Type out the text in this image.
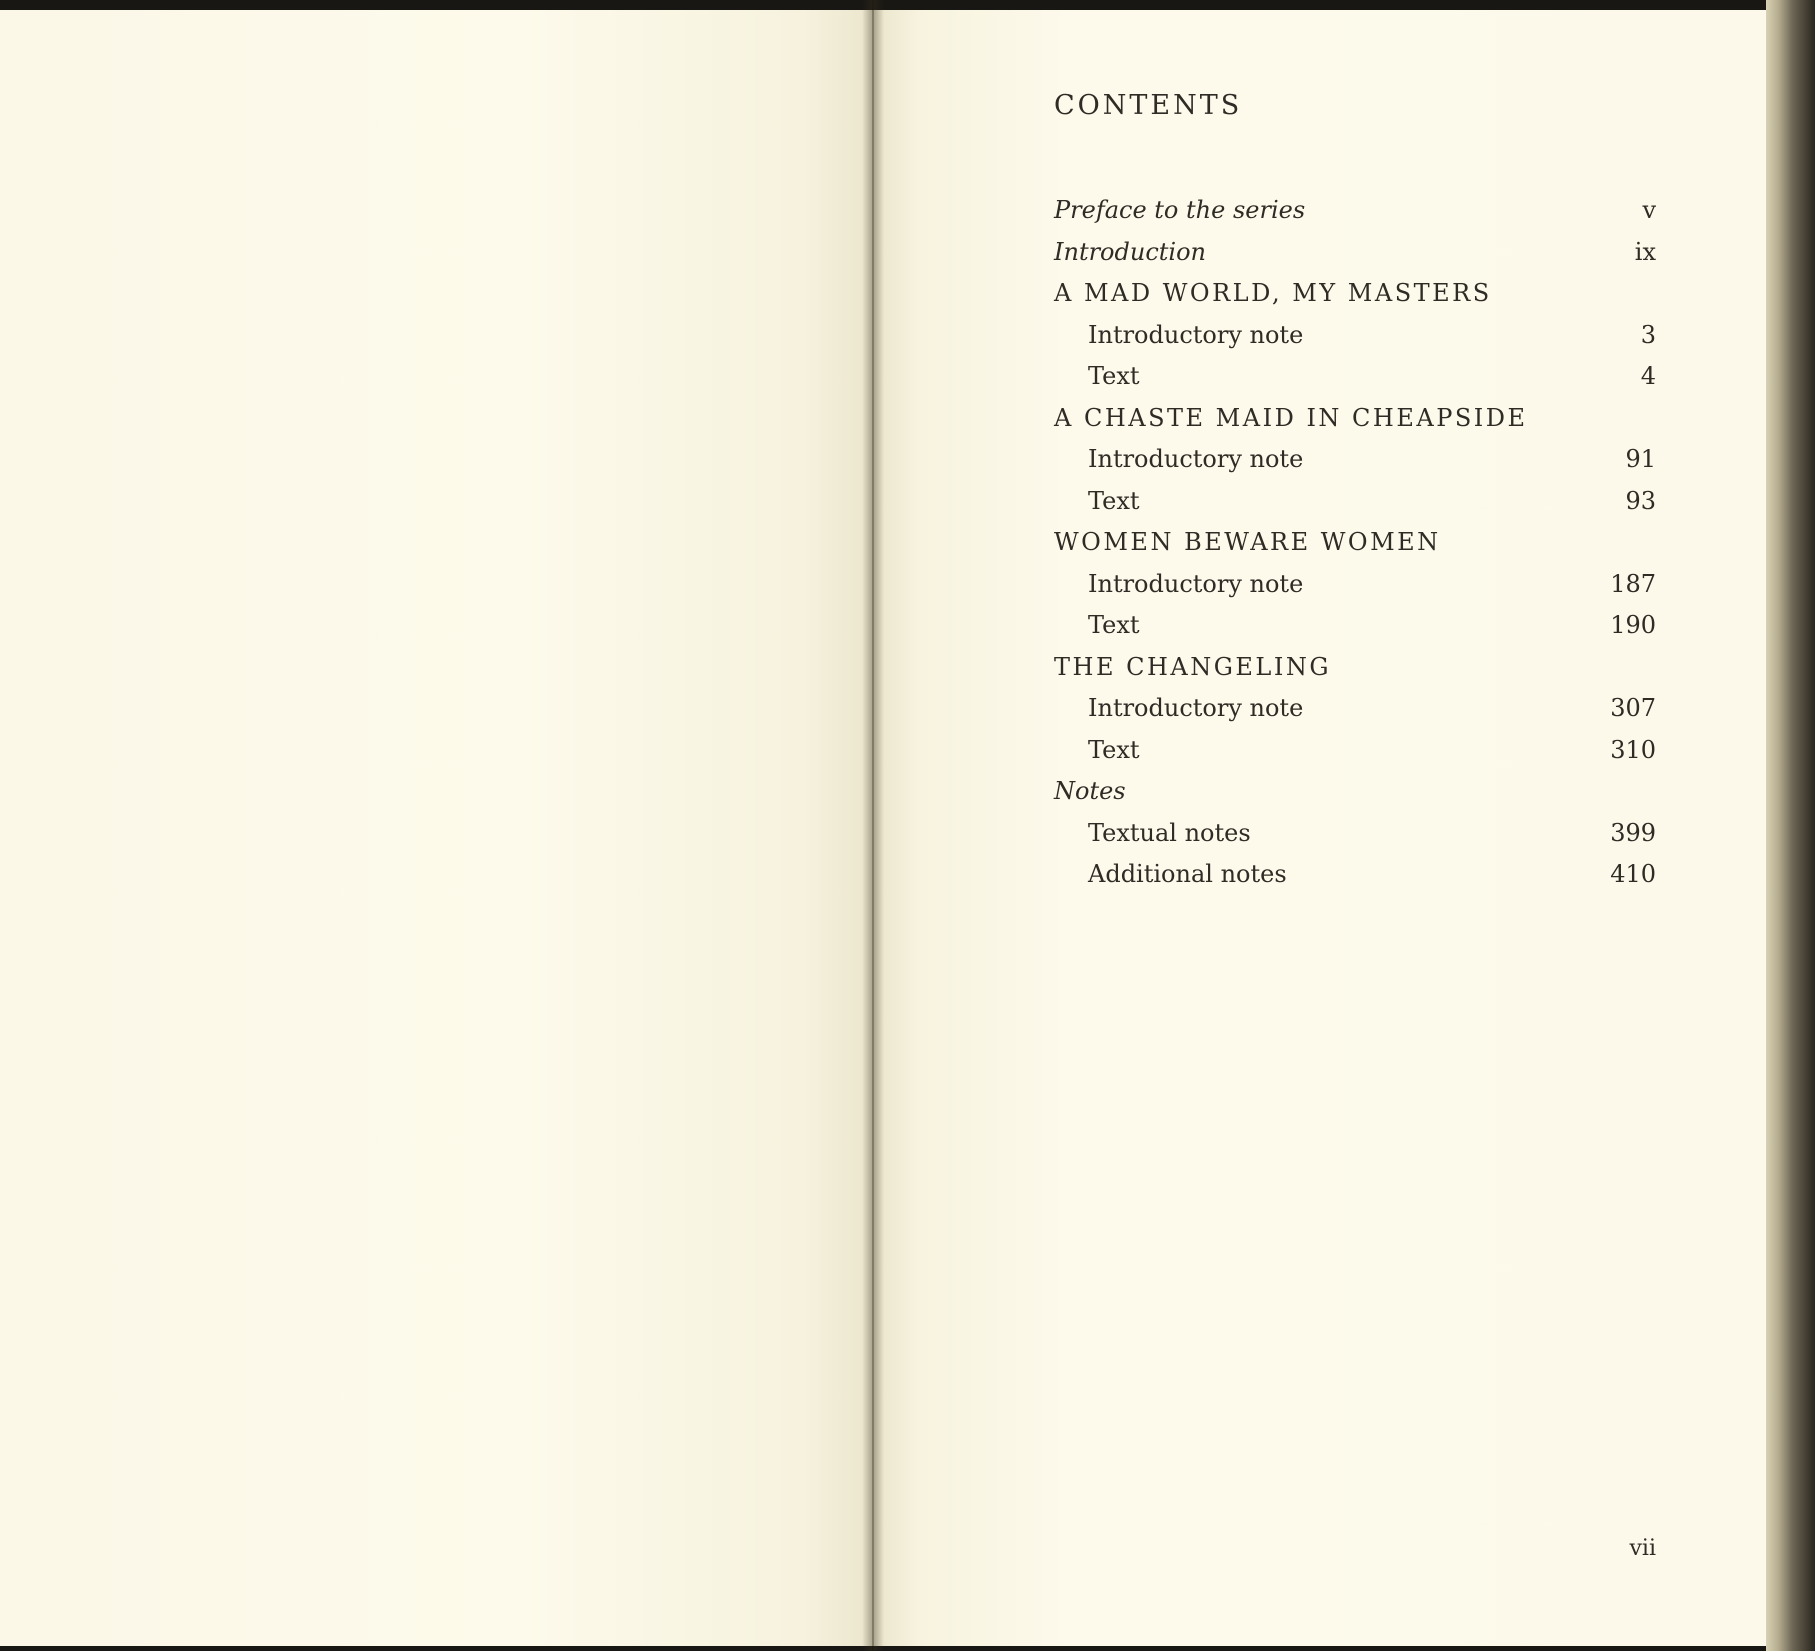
CONTENTS
Preface to the series	v
Introduction	ix
A MAD WORLD, MY MASTERS
Introductory note	3
Text	4
A CHASTE MAID IN CHEAPSIDE
Introductory note	91
Text	93
WOMEN BEWARE WOMEN
Introductory note	187
Text	190
THE CHANGELING
Introductory note	307
Text	310
Notes
Textual notes	399
Additional notes	410
vii
